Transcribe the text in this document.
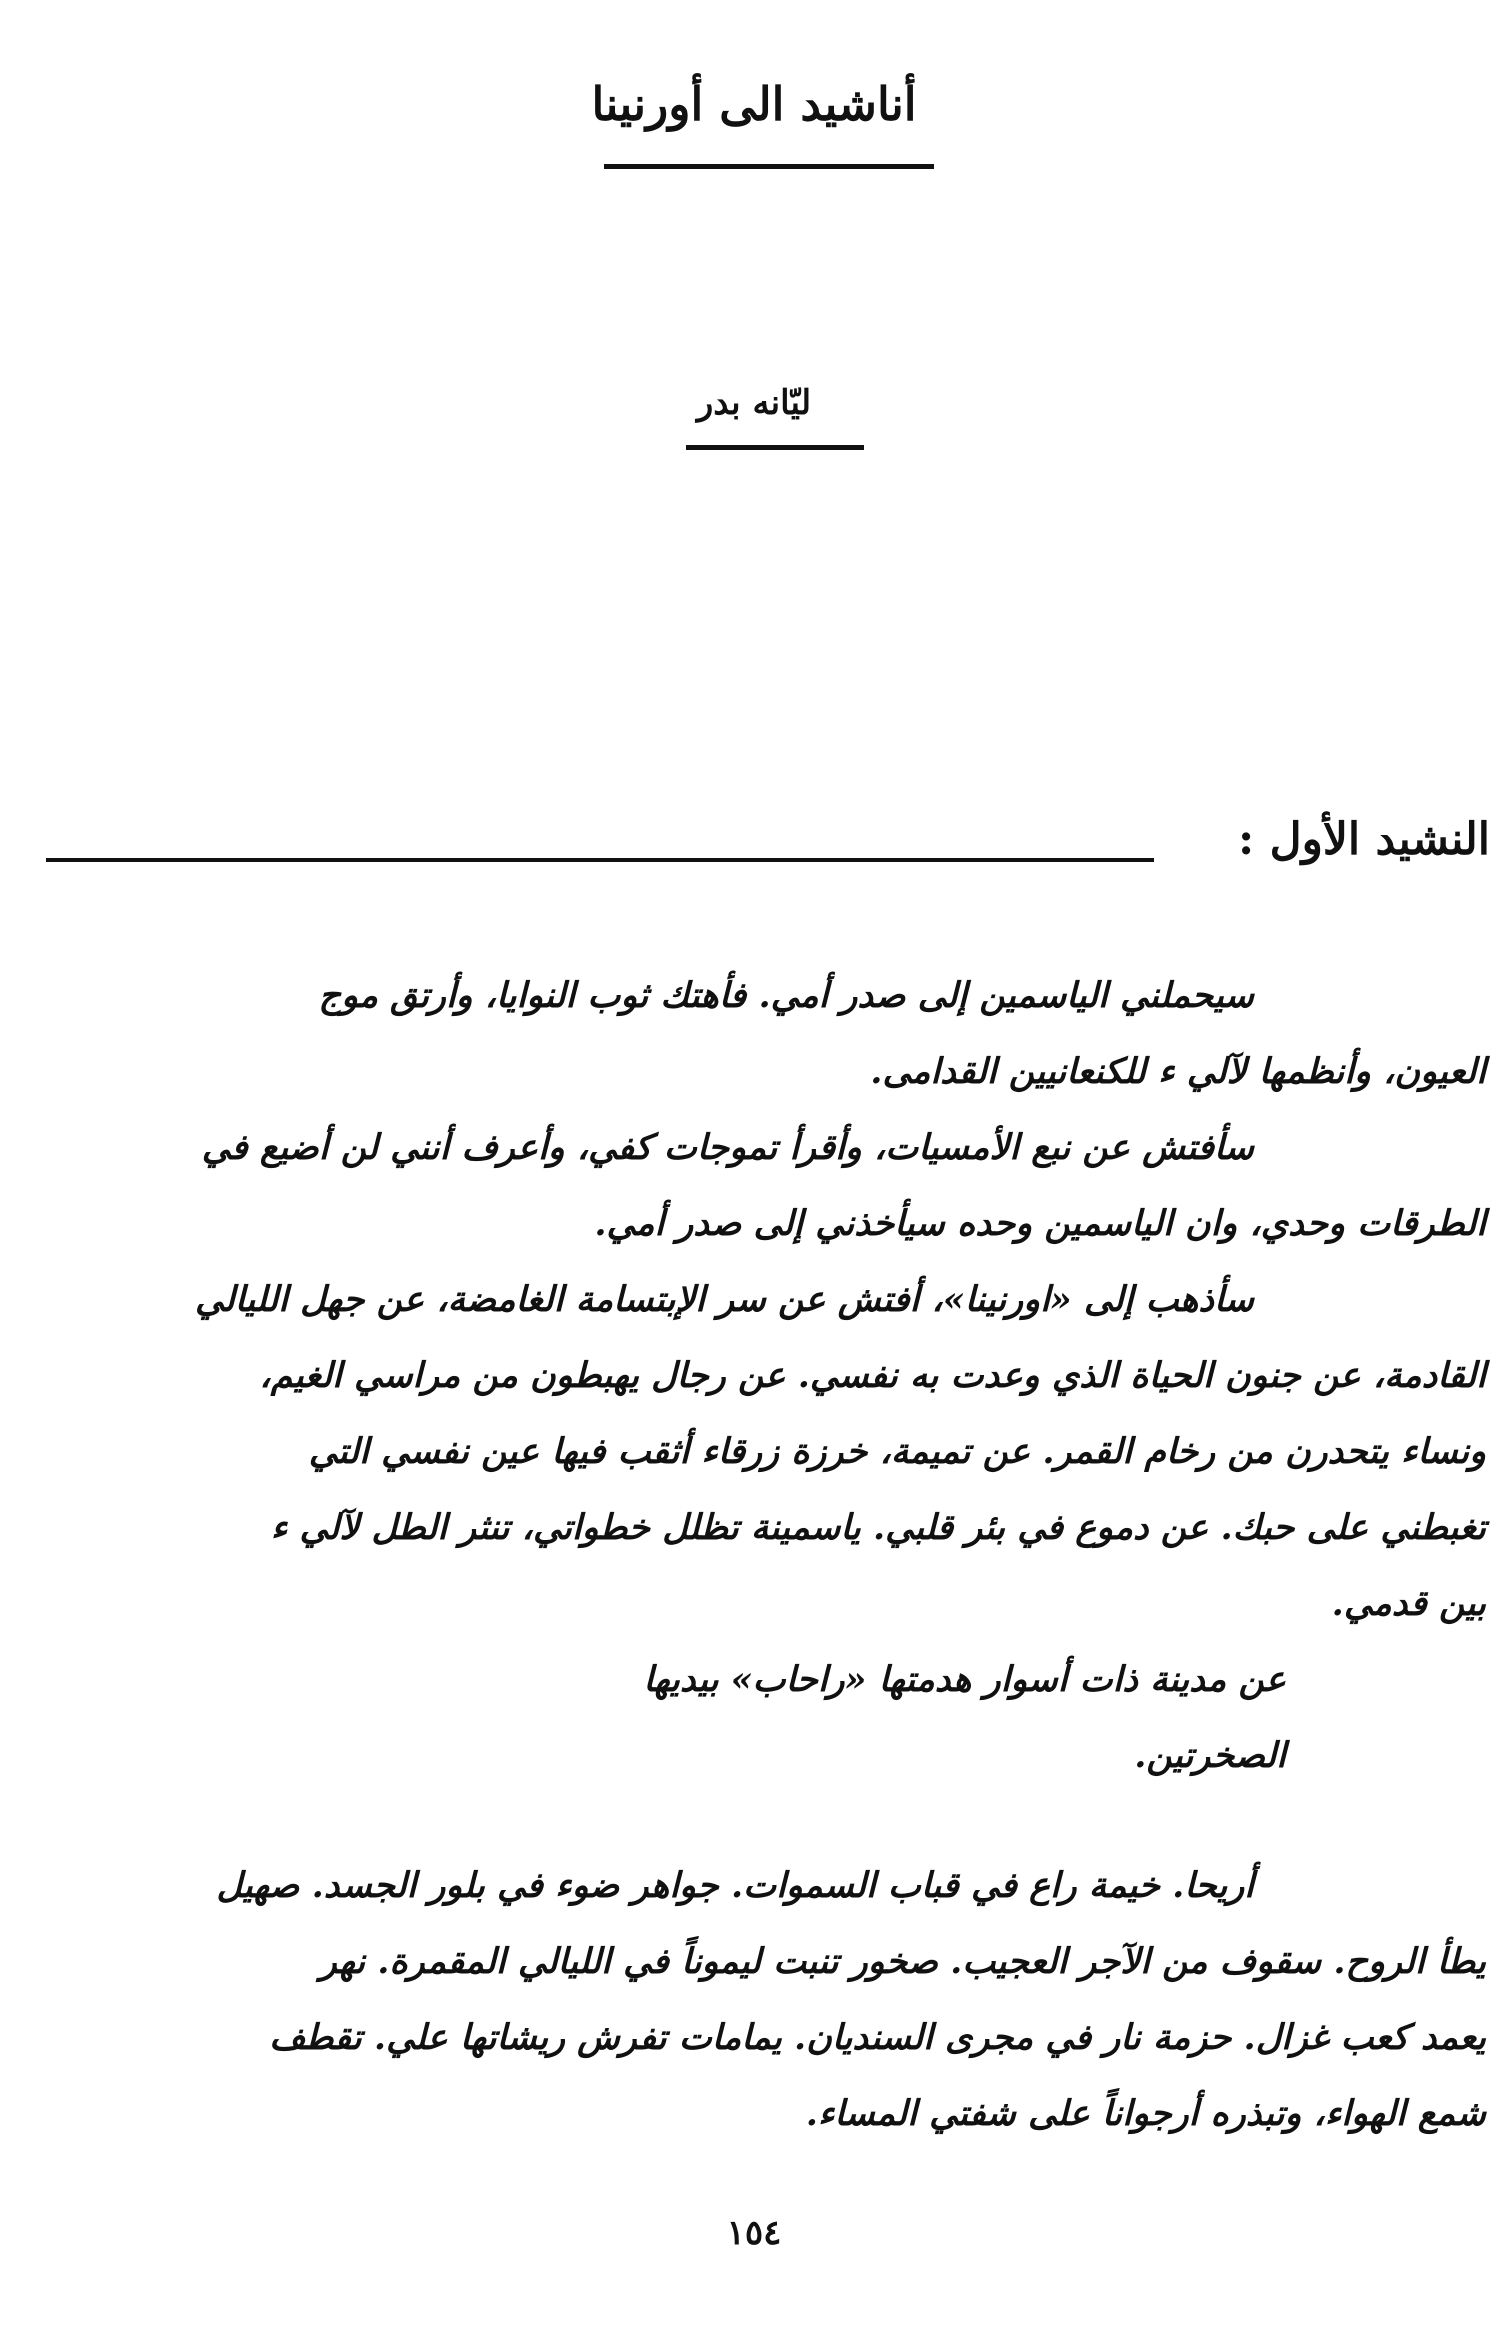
أناشيد الى أورنينا
ليّانه بدر
النشيد الأول :
سيحملني الياسمين إلى صدر أمي. فأهتك ثوب النوايا، وأرتق موج
العيون، وأنظمها لآلي ء للكنعانيين القدامى.
سأفتش عن نبع الأمسيات، وأقرأ تموجات كفي، وأعرف أنني لن أضيع في
الطرقات وحدي، وان الياسمين وحده سيأخذني إلى صدر أمي.
سأذهب إلى «اورنينا»، أفتش عن سر الإبتسامة الغامضة، عن جهل الليالي
القادمة، عن جنون الحياة الذي وعدت به نفسي. عن رجال يهبطون من مراسي الغيم،
ونساء يتحدرن من رخام القمر. عن تميمة، خرزة زرقاء أثقب فيها عين نفسي التي
تغبطني على حبك. عن دموع في بئر قلبي. ياسمينة تظلل خطواتي، تنثر الطل لآلي ء
بين قدمي.
عن مدينة ذات أسوار هدمتها «راحاب» بيديها
الصخرتين.
أريحا. خيمة راع في قباب السموات. جواهر ضوء في بلور الجسد. صهيل
يطأ الروح. سقوف من الآجر العجيب. صخور تنبت ليموناً في الليالي المقمرة. نهر
يعمد كعب غزال. حزمة نار في مجرى السنديان. يمامات تفرش ريشاتها علي. تقطف
شمع الهواء، وتبذره أرجواناً على شفتي المساء.
١٥٤
